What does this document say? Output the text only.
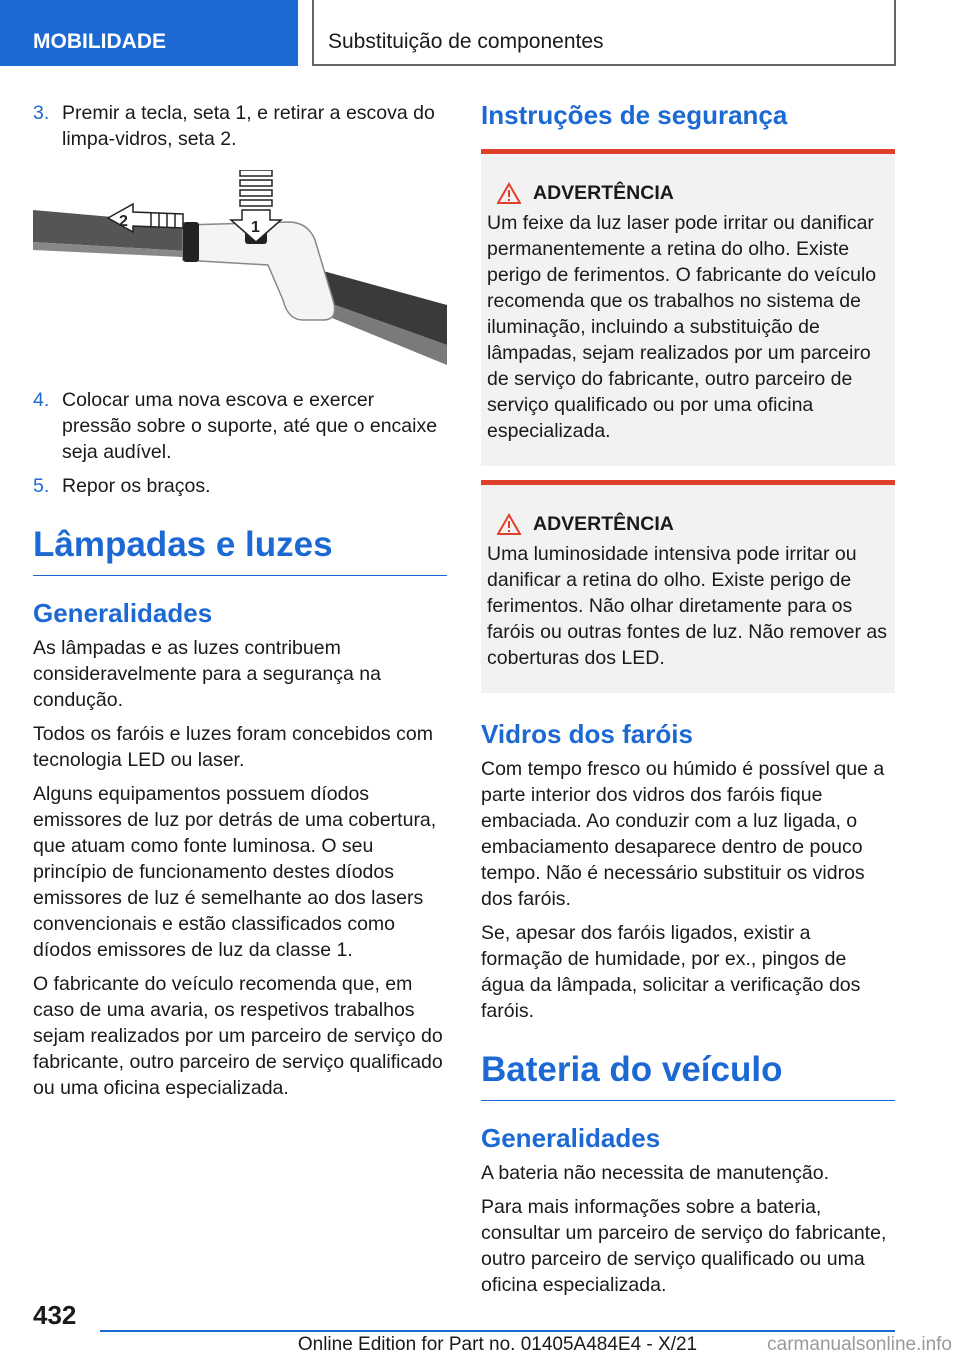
MOBILIDADE	Substituição de componentes
3. Premir a tecla, seta 1, e retirar a escova do limpa-vidros, seta 2.
2	1
4. Colocar uma nova escova e exercer pressão sobre o suporte, até que o encaixe seja audível.
5. Repor os braços.
Lâmpadas e luzes
Generalidades

As lâmpadas e as luzes contribuem consideravelmente para a segurança na condução.

Todos os faróis e luzes foram concebidos com tecnologia LED ou laser.

Alguns equipamentos possuem díodos emissores de luz por detrás de uma cobertura, que atuam como fonte luminosa. O seu princípio de funcionamento destes díodos emissores de luz é semelhante ao dos lasers convencionais e estão classificados como díodos emissores de luz da classe 1.

O fabricante do veículo recomenda que, em caso de uma avaria, os respetivos trabalhos sejam realizados por um parceiro de serviço do fabricante, outro parceiro de serviço qualificado ou uma oficina especializada.

Instruções de segurança
ADVERTÊNCIA

Um feixe da luz laser pode irritar ou danificar permanentemente a retina do olho. Existe perigo de ferimentos. O fabricante do veículo recomenda que os trabalhos no sistema de iluminação, incluindo a substituição de lâmpadas, sejam realizados por um parceiro de serviço do fabricante, outro parceiro de serviço qualificado ou por uma oficina especializada.

ADVERTÊNCIA

Uma luminosidade intensiva pode irritar ou danificar a retina do olho. Existe perigo de ferimentos. Não olhar diretamente para os faróis ou outras fontes de luz. Não remover as coberturas dos LED.

Vidros dos faróis

Com tempo fresco ou húmido é possível que a parte interior dos vidros dos faróis fique embaciada. Ao conduzir com a luz ligada, o embaciamento desaparece dentro de pouco tempo. Não é necessário substituir os vidros dos faróis.

Se, apesar dos faróis ligados, existir a formação de humidade, por ex., pingos de água da lâmpada, solicitar a verificação dos faróis.

Bateria do veículo
Generalidades

A bateria não necessita de manutenção.

Para mais informações sobre a bateria, consultar um parceiro de serviço do fabricante, outro parceiro de serviço qualificado ou uma oficina especializada.

432
Online Edition for Part no. 01405A484E4 - X/21	carmanualsonline.info
